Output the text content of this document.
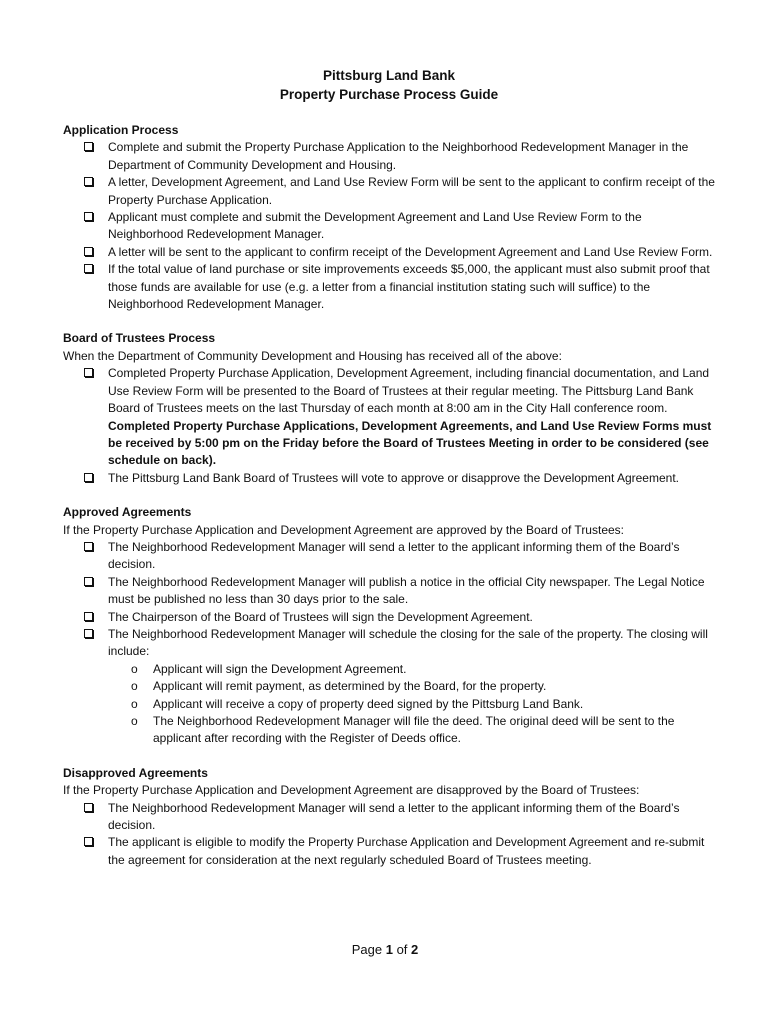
Pittsburg Land Bank
Property Purchase Process Guide
Application Process
Complete and submit the Property Purchase Application to the Neighborhood Redevelopment Manager in the Department of Community Development and Housing.
A letter, Development Agreement, and Land Use Review Form will be sent to the applicant to confirm receipt of the Property Purchase Application.
Applicant must complete and submit the Development Agreement and Land Use Review Form to the Neighborhood Redevelopment Manager.
A letter will be sent to the applicant to confirm receipt of the Development Agreement and Land Use Review Form.
If the total value of land purchase or site improvements exceeds $5,000, the applicant must also submit proof that those funds are available for use (e.g. a letter from a financial institution stating such will suffice) to the Neighborhood Redevelopment Manager.
Board of Trustees Process
When the Department of Community Development and Housing has received all of the above:
Completed Property Purchase Application, Development Agreement, including financial documentation, and Land Use Review Form will be presented to the Board of Trustees at their regular meeting. The Pittsburg Land Bank Board of Trustees meets on the last Thursday of each month at 8:00 am in the City Hall conference room. Completed Property Purchase Applications, Development Agreements, and Land Use Review Forms must be received by 5:00 pm on the Friday before the Board of Trustees Meeting in order to be considered (see schedule on back).
The Pittsburg Land Bank Board of Trustees will vote to approve or disapprove the Development Agreement.
Approved Agreements
If the Property Purchase Application and Development Agreement are approved by the Board of Trustees:
The Neighborhood Redevelopment Manager will send a letter to the applicant informing them of the Board’s decision.
The Neighborhood Redevelopment Manager will publish a notice in the official City newspaper. The Legal Notice must be published no less than 30 days prior to the sale.
The Chairperson of the Board of Trustees will sign the Development Agreement.
The Neighborhood Redevelopment Manager will schedule the closing for the sale of the property. The closing will include:
o Applicant will sign the Development Agreement.
o Applicant will remit payment, as determined by the Board, for the property.
o Applicant will receive a copy of property deed signed by the Pittsburg Land Bank.
o The Neighborhood Redevelopment Manager will file the deed. The original deed will be sent to the applicant after recording with the Register of Deeds office.
Disapproved Agreements
If the Property Purchase Application and Development Agreement are disapproved by the Board of Trustees:
The Neighborhood Redevelopment Manager will send a letter to the applicant informing them of the Board’s decision.
The applicant is eligible to modify the Property Purchase Application and Development Agreement and re-submit the agreement for consideration at the next regularly scheduled Board of Trustees meeting.
Page 1 of 2
